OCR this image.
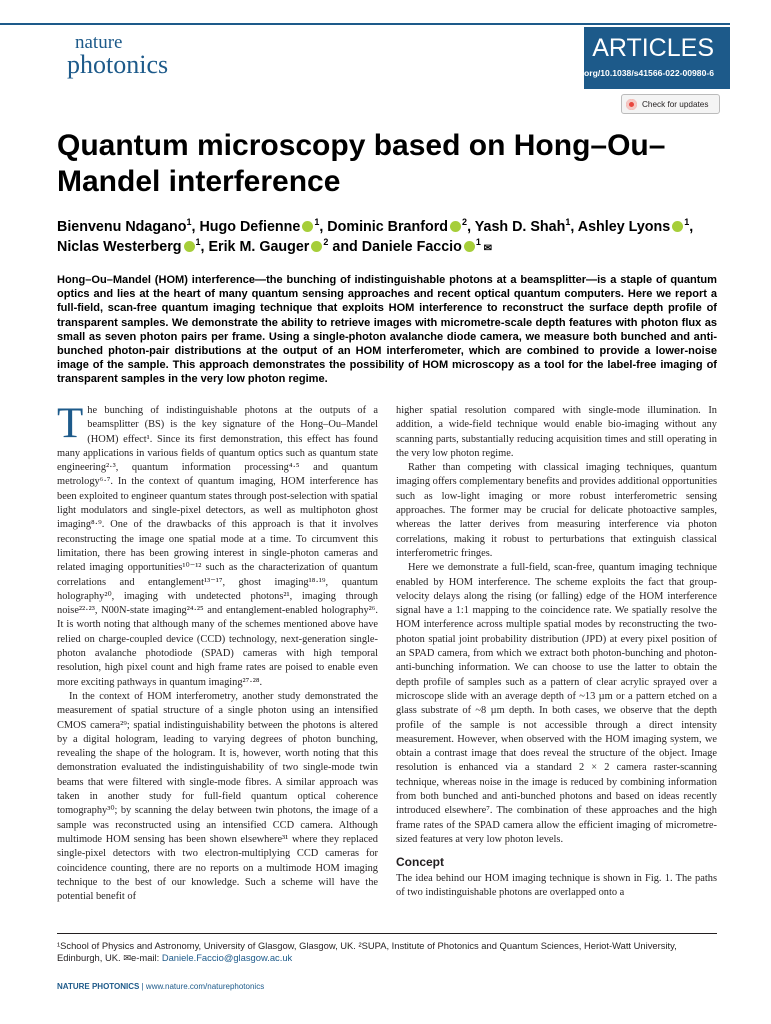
nature
photonics
ARTICLES
https://doi.org/10.1038/s41566-022-00980-6
Check for updates
Quantum microscopy based on Hong–Ou–Mandel interference
Bienvenu Ndagano$^1$, Hugo Defienne $^1$, Dominic Branford $^2$, Yash D. Shah$^1$, Ashley Lyons $^1$,
Niclas Westerberg $^1$, Erik M. Gauger $^2$ and Daniele Faccio $^1$ ✉
Hong–Ou–Mandel (HOM) interference—the bunching of indistinguishable photons at a beamsplitter—is a staple of quantum optics and lies at the heart of many quantum sensing approaches and recent optical quantum computers. Here we report a full-field, scan-free quantum imaging technique that exploits HOM interference to reconstruct the surface depth profile of transparent samples. We demonstrate the ability to retrieve images with micrometre-scale depth features with photon flux as small as seven photon pairs per frame. Using a single-photon avalanche diode camera, we measure both bunched and anti-bunched photon-pair distributions at the output of an HOM interferometer, which are combined to provide a lower-noise image of the sample. This approach demonstrates the possibility of HOM microscopy as a tool for the label-free imaging of transparent samples in the very low photon regime.

The bunching of indistinguishable photons at the outputs of a beamsplitter (BS) is the key signature of the Hong–Ou–Mandel (HOM) effect¹. Since its first demonstration, this effect has found many applications in various fields of quantum optics such as quantum state engineering²·³, quantum information processing⁴·⁵ and quantum metrology⁶·⁷. In the context of quantum imaging, HOM interference has been exploited to engineer quantum states through post-selection with spatial light modulators and single-pixel detectors, as well as multiphoton ghost imaging⁸·⁹. One of the drawbacks of this approach is that it involves reconstructing the image one spatial mode at a time. To circumvent this limitation, there has been growing interest in single-photon cameras and related imaging opportunities¹⁰⁻¹² such as the characterization of quantum correlations and entanglement¹³⁻¹⁷, ghost imaging¹⁸·¹⁹, quantum holography²⁰, imaging with undetected photons²¹, imaging through noise²²·²³, N00N-state imaging²⁴·²⁵ and entanglement-enabled holography²⁶. It is worth noting that although many of the schemes mentioned above have relied on charge-coupled device (CCD) technology, next-generation single-photon avalanche photodiode (SPAD) cameras with high temporal resolution, high pixel count and high frame rates are poised to enable even more exciting pathways in quantum imaging²⁷·²⁸.

In the context of HOM interferometry, another study demonstrated the measurement of spatial structure of a single photon using an intensified CMOS camera²⁹; spatial indistinguishability between the photons is altered by a digital hologram, leading to varying degrees of photon bunching, revealing the shape of the hologram. It is, however, worth noting that this demonstration evaluated the indistinguishability of two single-mode twin beams that were filtered with single-mode fibres. A similar approach was taken in another study for full-field quantum optical coherence tomography³⁰; by scanning the delay between twin photons, the image of a sample was reconstructed using an intensified CCD camera. Although multimode HOM sensing has been shown elsewhere³¹ where they replaced single-pixel detectors with two electron-multiplying CCD cameras for coincidence counting, there are no reports on a multimode HOM imaging technique to the best of our knowledge. Such a scheme will have the potential benefit of

higher spatial resolution compared with single-mode illumination. In addition, a wide-field technique would enable bio-imaging without any scanning parts, substantially reducing acquisition times and still operating in the very low photon regime.

Rather than competing with classical imaging techniques, quantum imaging offers complementary benefits and provides additional opportunities such as low-light imaging or more robust interferometric sensing approaches. The former may be crucial for delicate photoactive samples, whereas the latter derives from measuring interference via photon correlations, making it robust to perturbations that extinguish classical interferometric fringes.

Here we demonstrate a full-field, scan-free, quantum imaging technique enabled by HOM interference. The scheme exploits the fact that group-velocity delays along the rising (or falling) edge of the HOM interference signal have a 1:1 mapping to the coincidence rate. We spatially resolve the HOM interference across multiple spatial modes by reconstructing the two-photon spatial joint probability distribution (JPD) at every pixel position of an SPAD camera, from which we extract both photon-bunching and photon-anti-bunching information. We can choose to use the latter to obtain the depth profile of samples such as a pattern of clear acrylic sprayed over a microscope slide with an average depth of ~13 µm or a pattern etched on a glass substrate of ~8 µm depth. In both cases, we observe that the depth profile of the sample is not accessible through a direct intensity measurement. However, when observed with the HOM imaging system, we obtain a contrast image that does reveal the structure of the object. Image resolution is enhanced via a standard 2 × 2 camera raster-scanning technique, whereas noise in the image is reduced by combining information from both bunched and anti-bunched photons and based on ideas recently introduced elsewhere⁷. The combination of these approaches and the high frame rates of the SPAD camera allow the efficient imaging of micrometre-sized features at very low photon levels.

Concept

The idea behind our HOM imaging technique is shown in Fig. 1. The paths of two indistinguishable photons are overlapped onto a

¹School of Physics and Astronomy, University of Glasgow, Glasgow, UK. ²SUPA, Institute of Photonics and Quantum Sciences, Heriot-Watt University, Edinburgh, UK. ✉e-mail: Daniele.Faccio@glasgow.ac.uk
NATURE PHOTONICS | www.nature.com/naturephotonics
